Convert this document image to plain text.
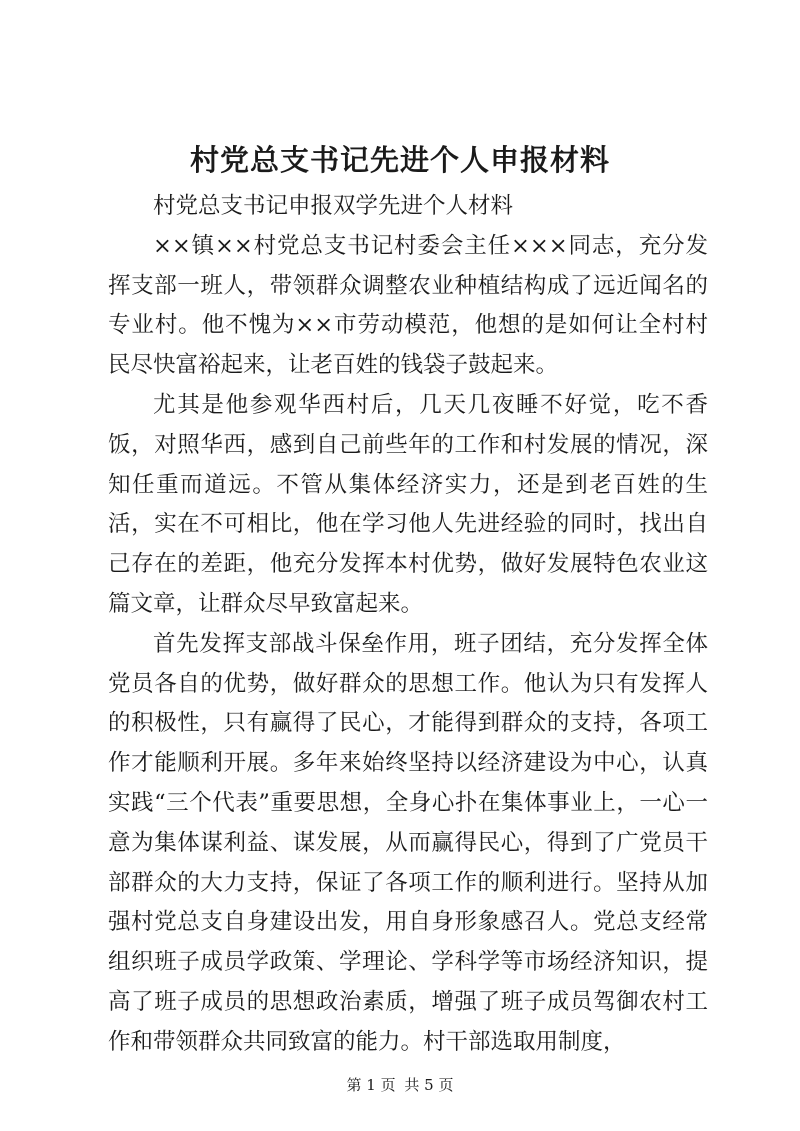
村党总支书记先进个人申报材料

村党总支书记申报双学先进个人材料

××镇××村党总支书记村委会主任×××同志，充分发挥支部一班人，带领群众调整农业种植结构成了远近闻名的专业村。他不愧为××市劳动模范，他想的是如何让全村村民尽快富裕起来，让老百姓的钱袋子鼓起来。

尤其是他参观华西村后，几天几夜睡不好觉，吃不香饭，对照华西，感到自己前些年的工作和村发展的情况，深知任重而道远。不管从集体经济实力，还是到老百姓的生活，实在不可相比，他在学习他人先进经验的同时，找出自己存在的差距，他充分发挥本村优势，做好发展特色农业这篇文章，让群众尽早致富起来。

首先发挥支部战斗保垒作用，班子团结，充分发挥全体党员各自的优势，做好群众的思想工作。他认为只有发挥人的积极性，只有赢得了民心，才能得到群众的支持，各项工作才能顺利开展。多年来始终坚持以经济建设为中心，认真实践“三个代表”重要思想，全身心扑在集体事业上，一心一意为集体谋利益、谋发展，从而赢得民心，得到了广党员干部群众的大力支持，保证了各项工作的顺利进行。坚持从加强村党总支自身建设出发，用自身形象感召人。党总支经常组织班子成员学政策、学理论、学科学等市场经济知识，提高了班子成员的思想政治素质，增强了班子成员驾御农村工作和带领群众共同致富的能力。村干部选取用制度，

第 1 页 共 5 页
